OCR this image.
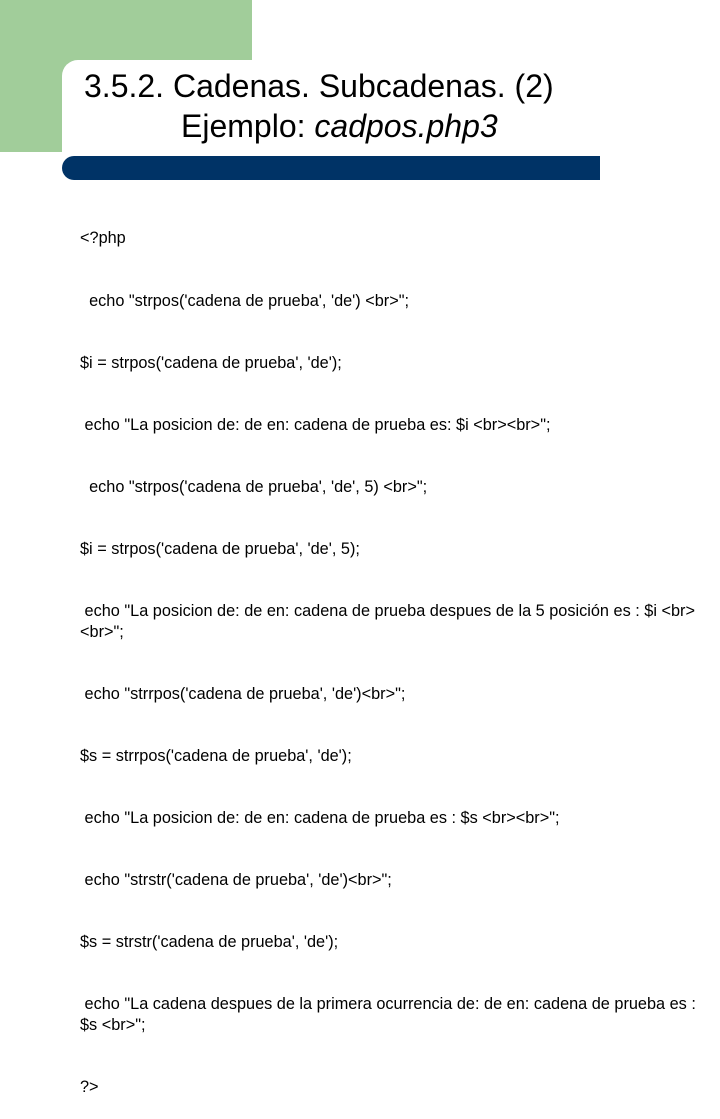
3.5.2. Cadenas. Subcadenas. (2)
Ejemplo: cadpos.php3

<?php

echo "strpos('cadena de prueba', 'de') <br>";

$i = strpos('cadena de prueba', 'de');

echo "La posicion de: de en: cadena de prueba es: $i <br><br>";

echo "strpos('cadena de prueba', 'de', 5) <br>";

$i = strpos('cadena de prueba', 'de', 5);

echo "La posicion de: de en: cadena de prueba despues de la 5 posición es : $i <br><br>";

echo "strrpos('cadena de prueba', 'de')<br>";

$s = strrpos('cadena de prueba', 'de');

echo "La posicion de: de en: cadena de prueba es : $s <br><br>";

echo "strstr('cadena de prueba', 'de')<br>";

$s = strstr('cadena de prueba', 'de');

echo "La cadena despues de la primera ocurrencia de: de en: cadena de prueba es : $s <br>";

?>
